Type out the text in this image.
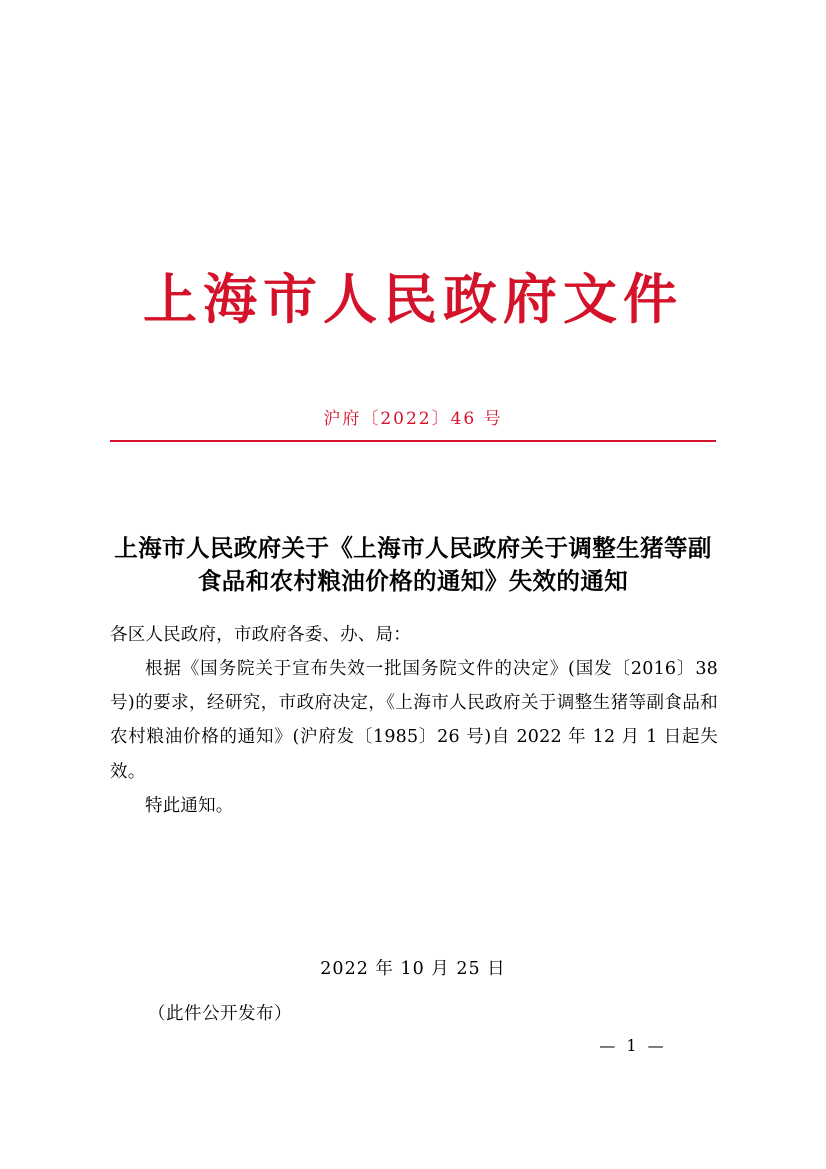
上海市人民政府文件
沪府〔2022〕46 号
上海市人民政府关于《上海市人民政府关于调整生猪等副食品和农村粮油价格的通知》失效的通知
各区人民政府，市政府各委、办、局：
根据《国务院关于宣布失效一批国务院文件的决定》(国发〔2016〕38 号)的要求，经研究，市政府决定，《上海市人民政府关于调整生猪等副食品和农村粮油价格的通知》(沪府发〔1985〕26 号)自 2022 年 12 月 1 日起失效。
特此通知。
2022 年 10 月 25 日
（此件公开发布）
— 1 —
